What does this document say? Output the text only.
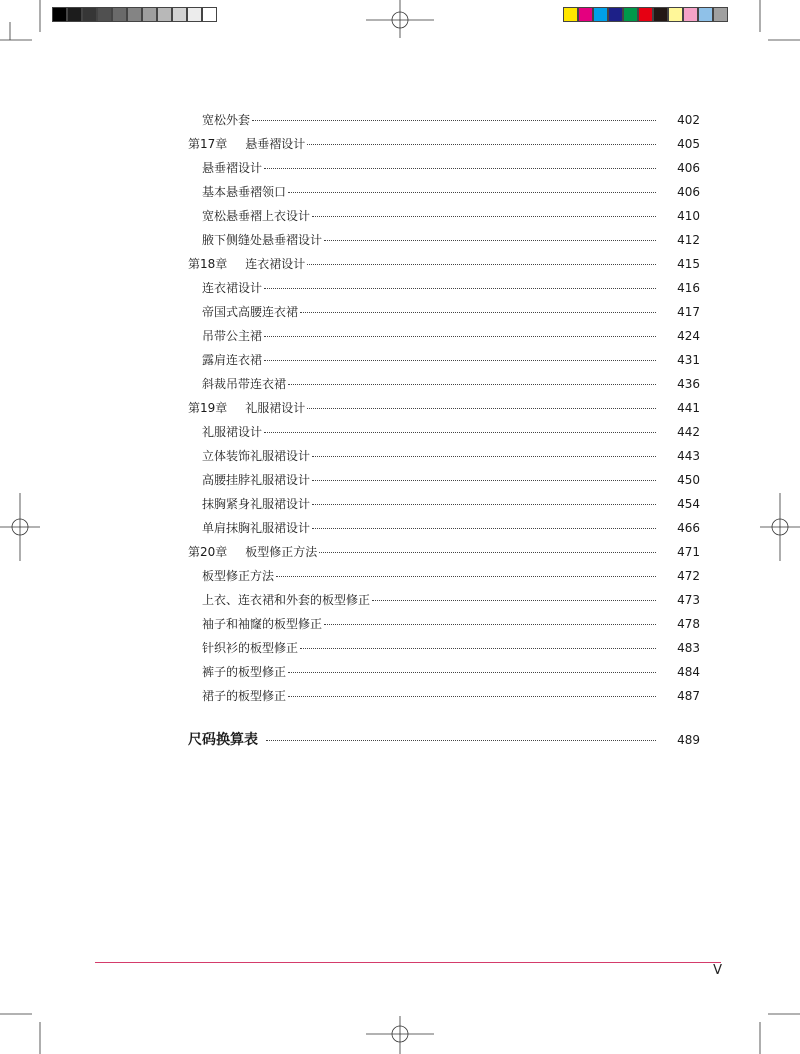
宽松外套	402
第17章 悬垂褶设计	405
悬垂褶设计	406
基本悬垂褶领口	406
宽松悬垂褶上衣设计	410
腋下侧缝处悬垂褶设计	412
第18章 连衣裙设计	415
连衣裙设计	416
帝国式高腰连衣裙	417
吊带公主裙	424
露肩连衣裙	431
斜裁吊带连衣裙	436
第19章 礼服裙设计	441
礼服裙设计	442
立体装饰礼服裙设计	443
高腰挂脖礼服裙设计	450
抹胸紧身礼服裙设计	454
单肩抹胸礼服裙设计	466
第20章 板型修正方法	471
板型修正方法	472
上衣、连衣裙和外套的板型修正	473
袖子和袖窿的板型修正	478
针织衫的板型修正	483
裤子的板型修正	484
裙子的板型修正	487
尺码换算表	489
V
